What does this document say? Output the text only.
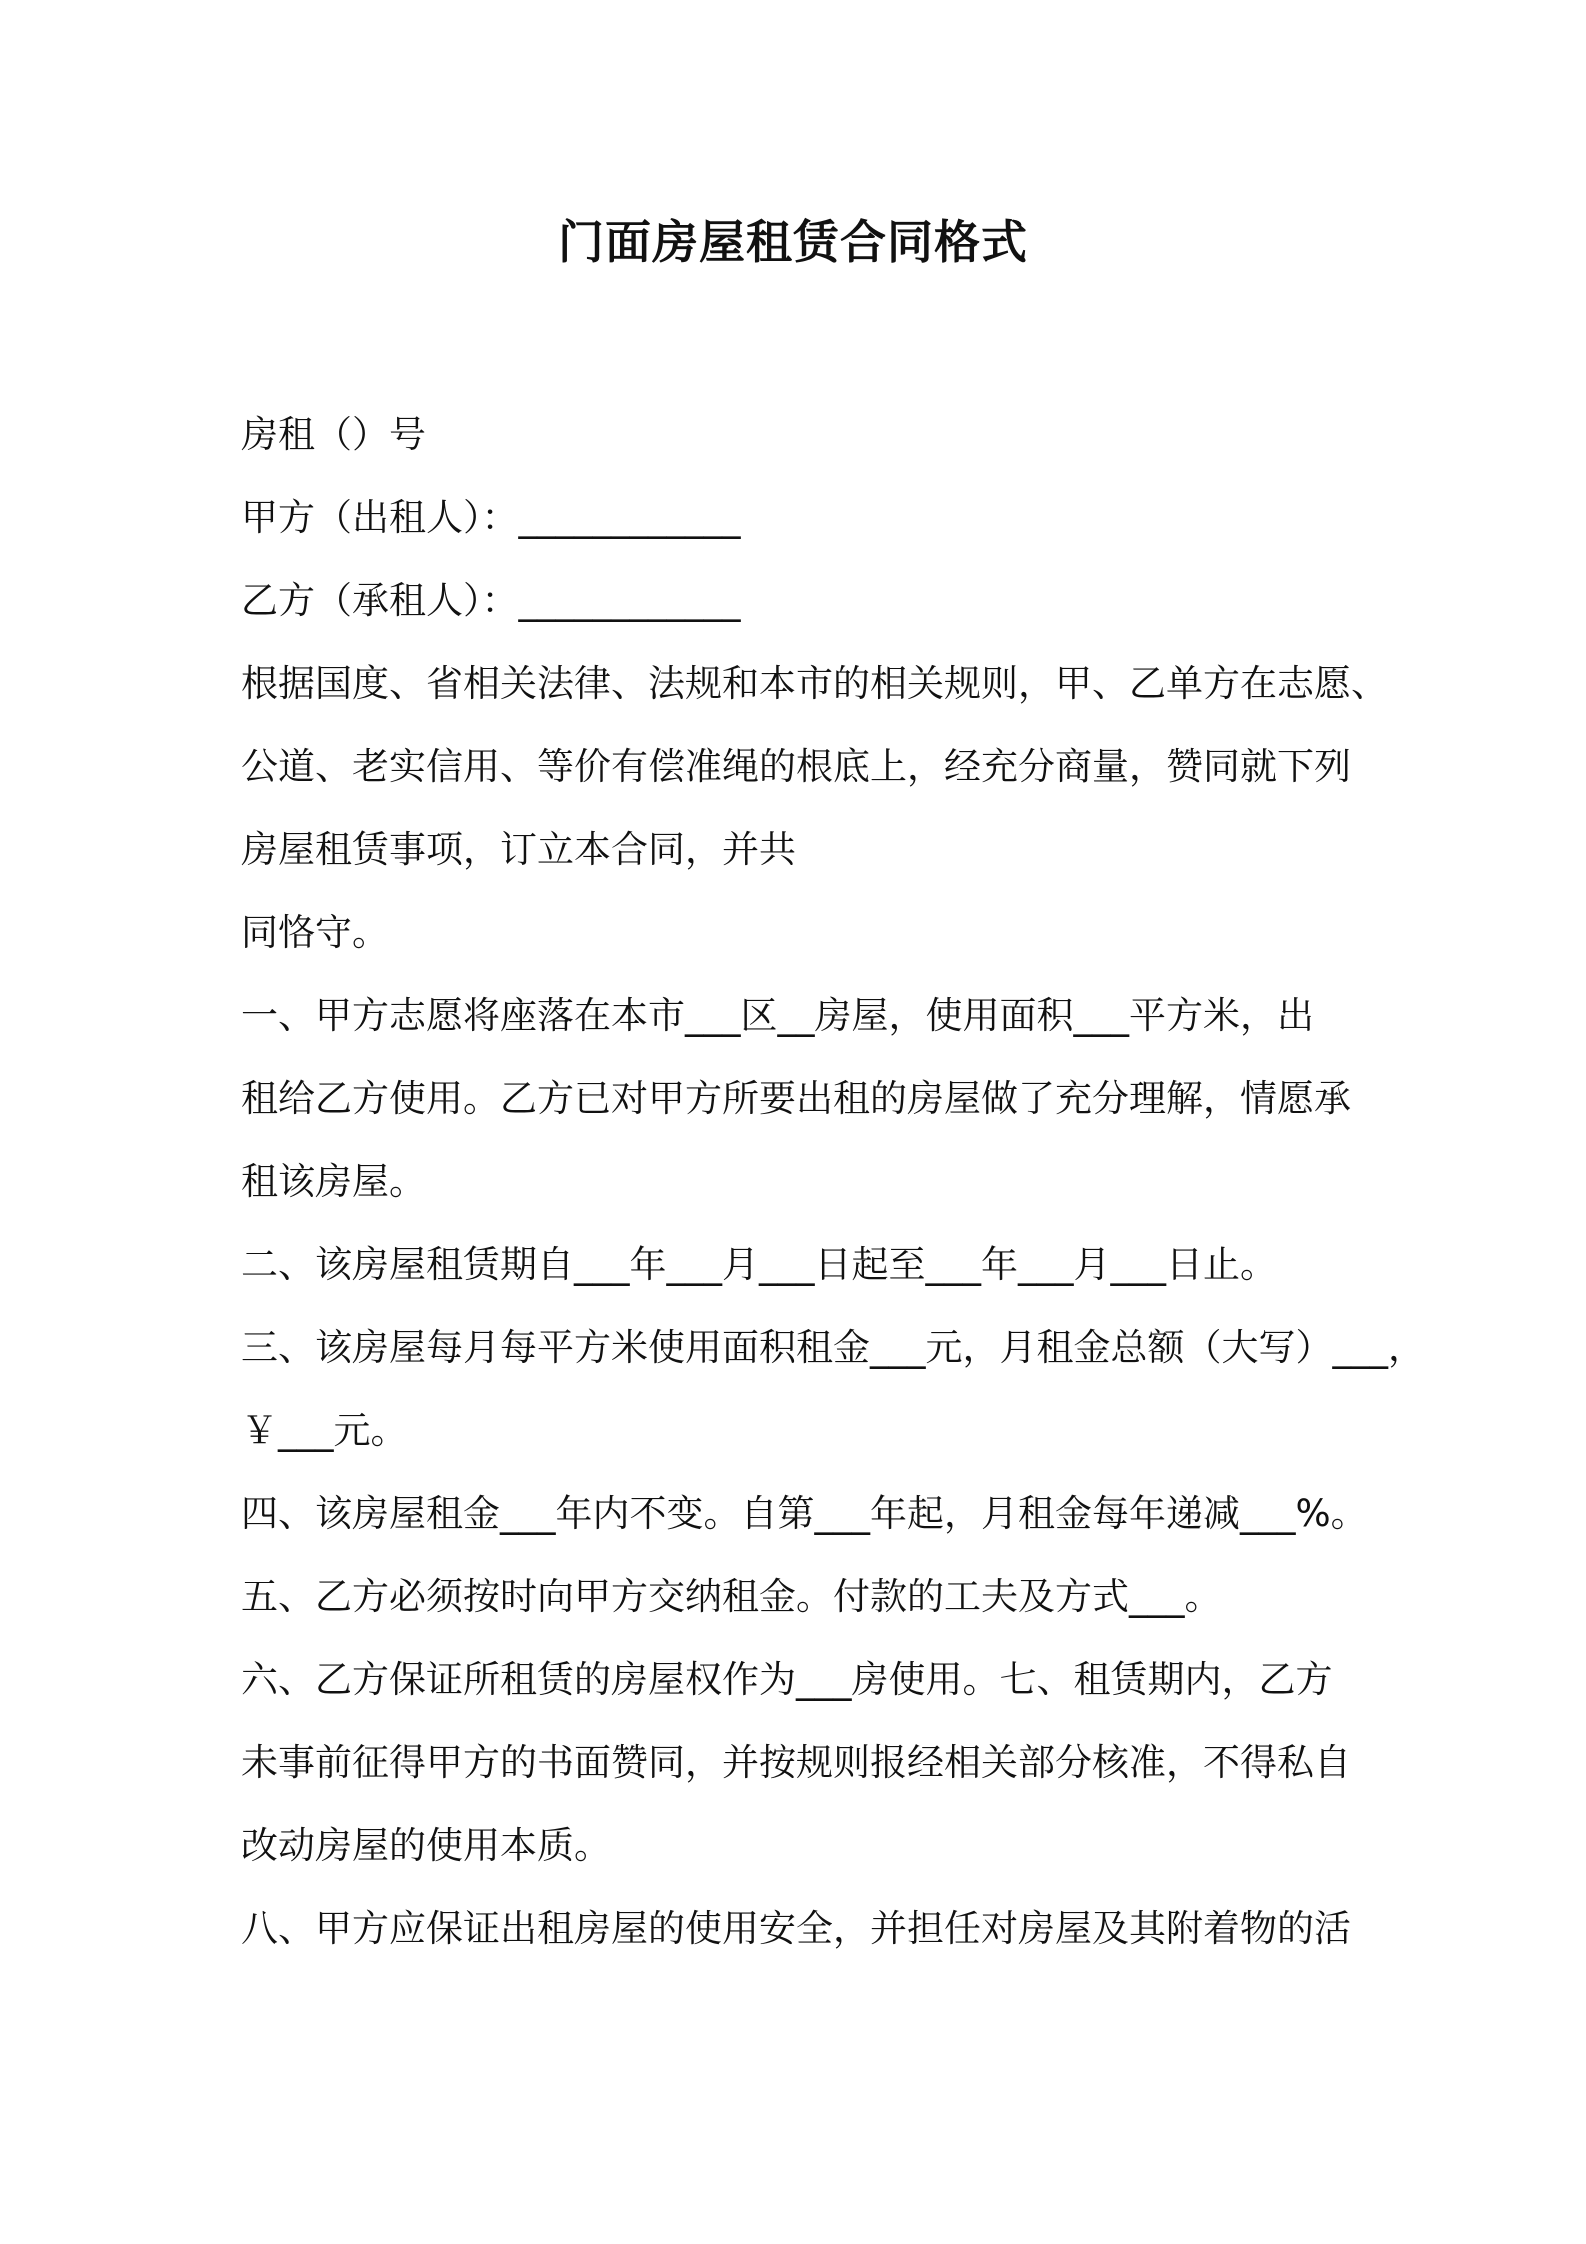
门面房屋租赁合同格式
房租（）号
甲方（出租人）：____________
乙方（承租人）：____________
根据国度、省相关法律、法规和本市的相关规则，甲、乙单方在志愿、
公道、老实信用、等价有偿准绳的根底上，经充分商量，赞同就下列
房屋租赁事项，订立本合同，并共
同恪守。
一、甲方志愿将座落在本市___区__房屋，使用面积___平方米，出
租给乙方使用。乙方已对甲方所要出租的房屋做了充分理解，情愿承
租该房屋。
二、该房屋租赁期自___年___月___日起至___年___月___日止。
三、该房屋每月每平方米使用面积租金___元，月租金总额（大写）___，
￥___元。
四、该房屋租金___年内不变。自第___年起，月租金每年递减___%。
五、乙方必须按时向甲方交纳租金。付款的工夫及方式___。
六、乙方保证所租赁的房屋权作为___房使用。七、租赁期内，乙方
未事前征得甲方的书面赞同，并按规则报经相关部分核准，不得私自
改动房屋的使用本质。
八、甲方应保证出租房屋的使用安全，并担任对房屋及其附着物的活
